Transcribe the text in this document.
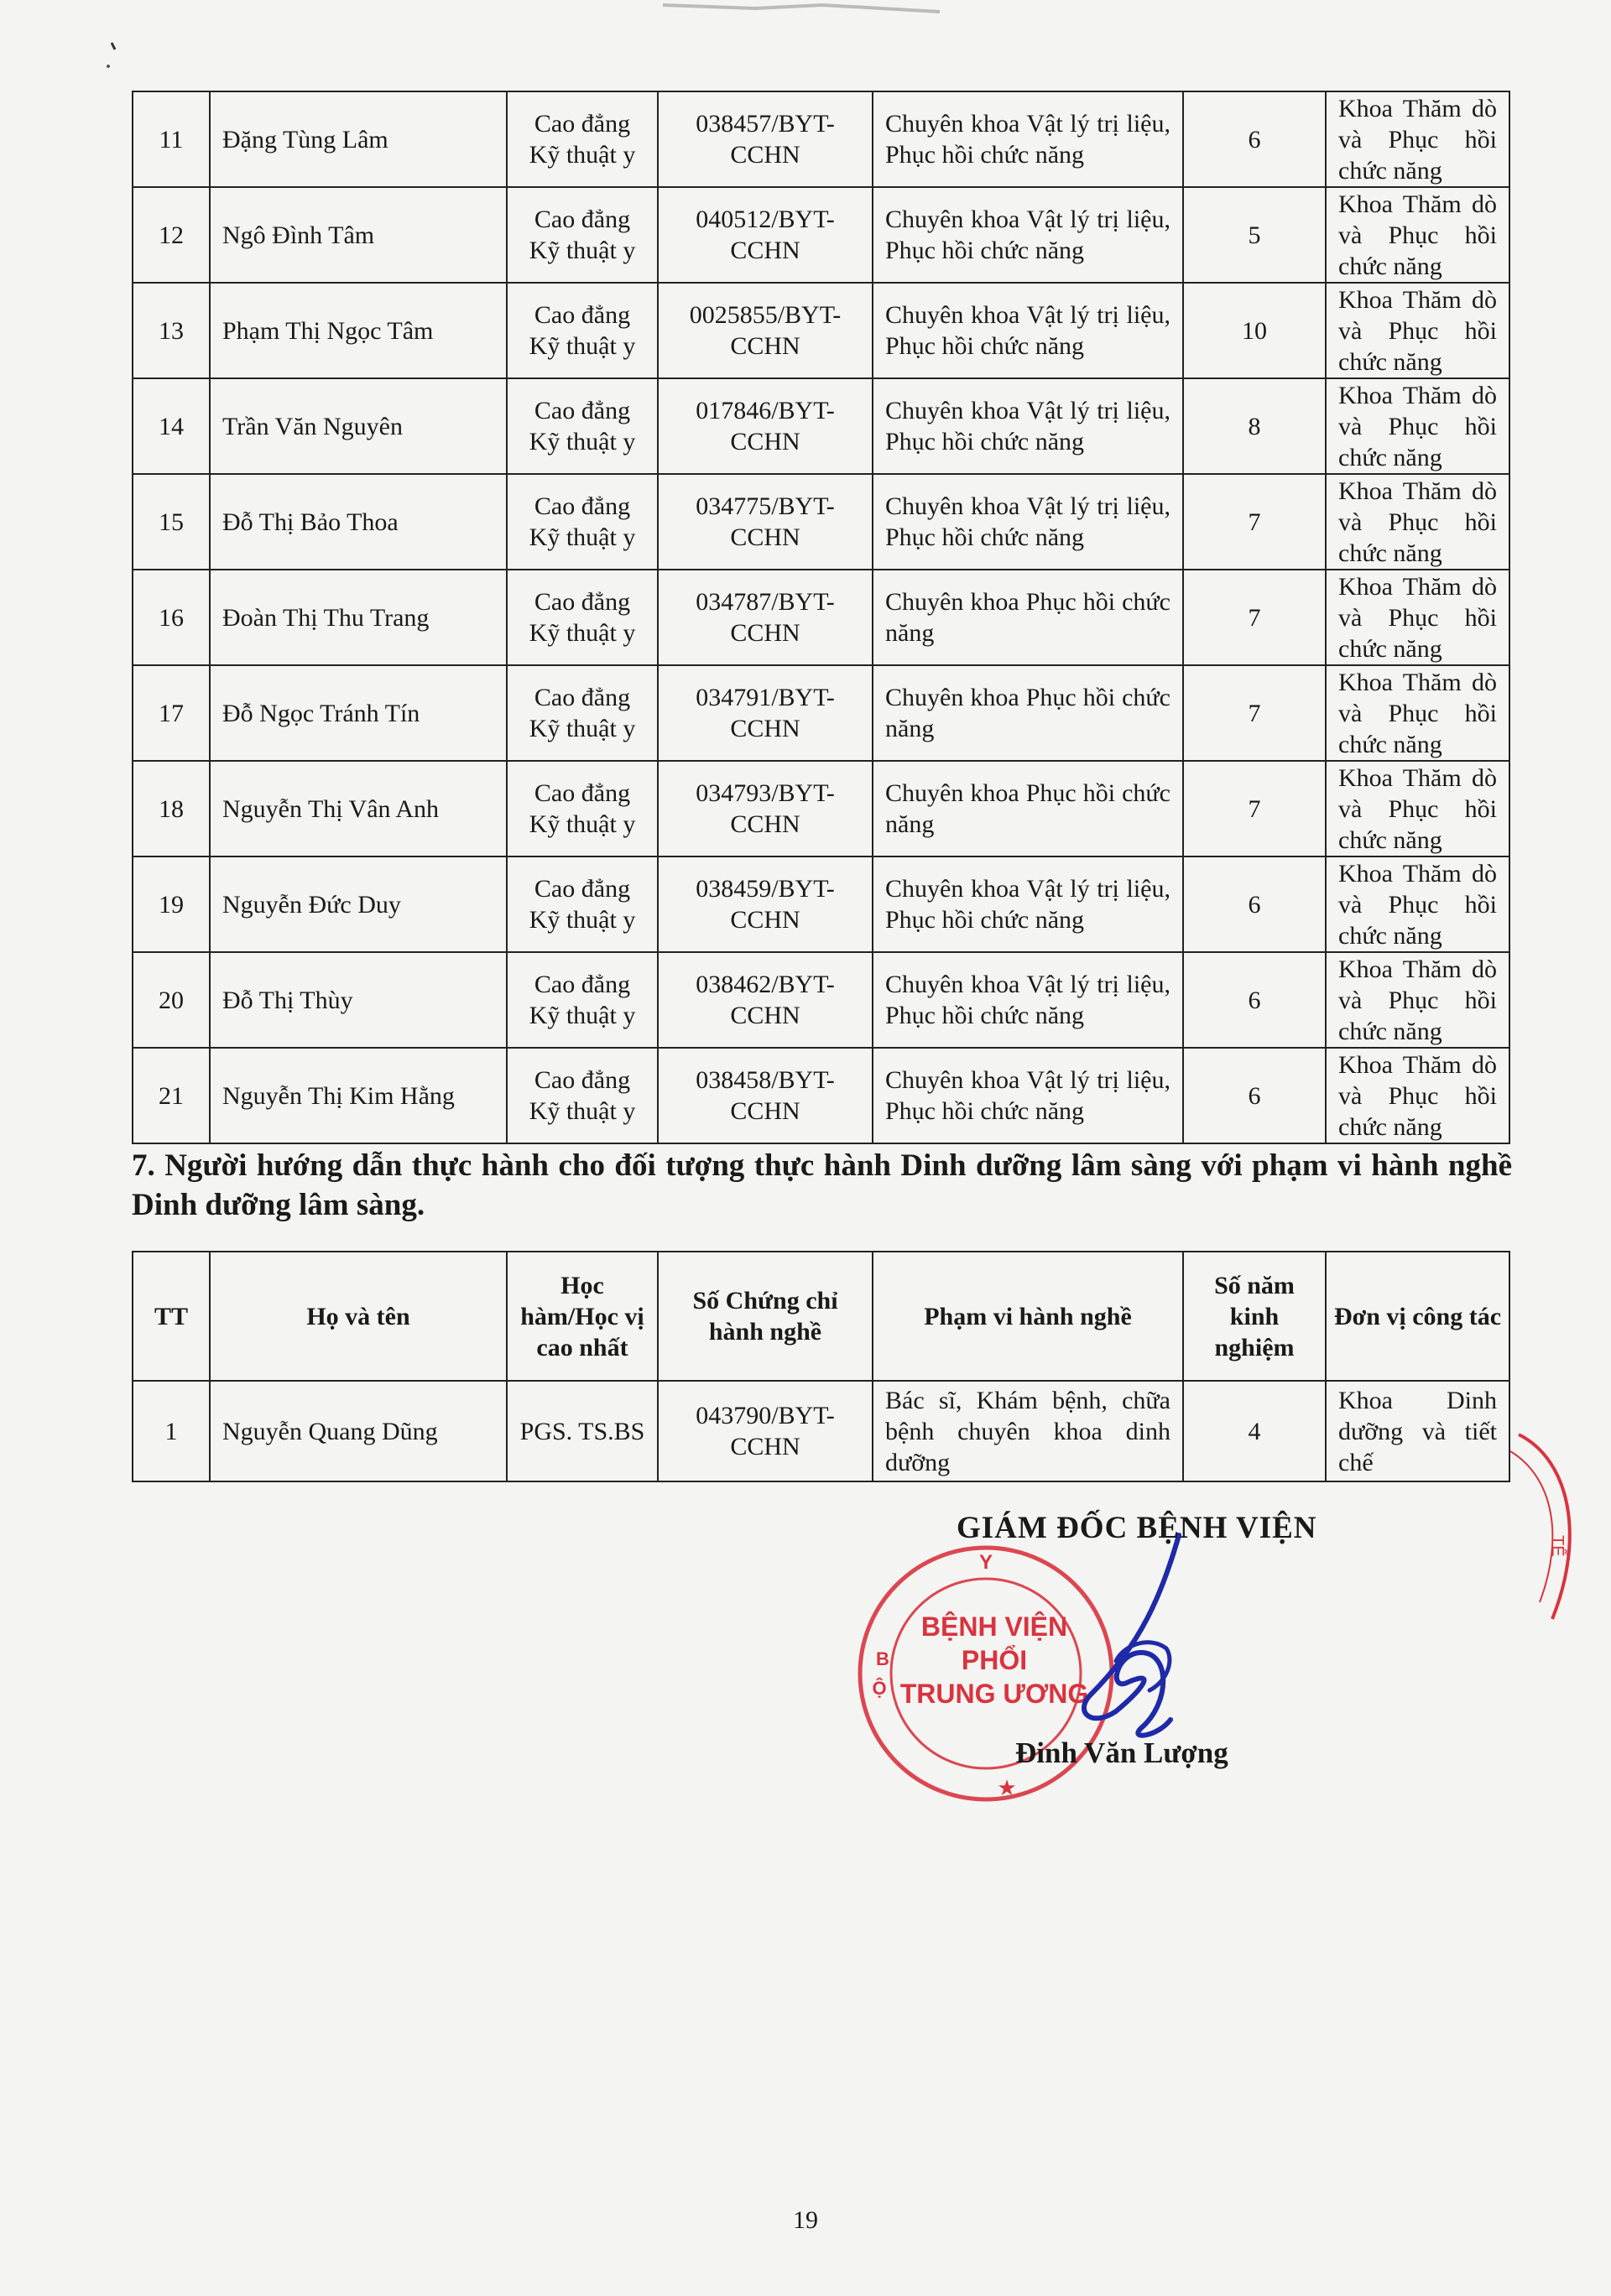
11	Đặng Tùng Lâm	Cao đẳng Kỹ thuật y	038457/BYT-CCHN	Chuyên khoa Vật lý trị liệu, Phục hồi chức năng	6	Khoa Thăm dò và Phục hồi chức năng
12	Ngô Đình Tâm	Cao đẳng Kỹ thuật y	040512/BYT-CCHN	Chuyên khoa Vật lý trị liệu, Phục hồi chức năng	5	Khoa Thăm dò và Phục hồi chức năng
13	Phạm Thị Ngọc Tâm	Cao đẳng Kỹ thuật y	0025855/BYT-CCHN	Chuyên khoa Vật lý trị liệu, Phục hồi chức năng	10	Khoa Thăm dò và Phục hồi chức năng
14	Trần Văn Nguyên	Cao đẳng Kỹ thuật y	017846/BYT-CCHN	Chuyên khoa Vật lý trị liệu, Phục hồi chức năng	8	Khoa Thăm dò và Phục hồi chức năng
15	Đỗ Thị Bảo Thoa	Cao đẳng Kỹ thuật y	034775/BYT-CCHN	Chuyên khoa Vật lý trị liệu, Phục hồi chức năng	7	Khoa Thăm dò và Phục hồi chức năng
16	Đoàn Thị Thu Trang	Cao đẳng Kỹ thuật y	034787/BYT-CCHN	Chuyên khoa Phục hồi chức năng	7	Khoa Thăm dò và Phục hồi chức năng
17	Đỗ Ngọc Tránh Tín	Cao đẳng Kỹ thuật y	034791/BYT-CCHN	Chuyên khoa Phục hồi chức năng	7	Khoa Thăm dò và Phục hồi chức năng
18	Nguyễn Thị Vân Anh	Cao đẳng Kỹ thuật y	034793/BYT-CCHN	Chuyên khoa Phục hồi chức năng	7	Khoa Thăm dò và Phục hồi chức năng
19	Nguyễn Đức Duy	Cao đẳng Kỹ thuật y	038459/BYT-CCHN	Chuyên khoa Vật lý trị liệu, Phục hồi chức năng	6	Khoa Thăm dò và Phục hồi chức năng
20	Đỗ Thị Thùy	Cao đẳng Kỹ thuật y	038462/BYT-CCHN	Chuyên khoa Vật lý trị liệu, Phục hồi chức năng	6	Khoa Thăm dò và Phục hồi chức năng
21	Nguyễn Thị Kim Hằng	Cao đẳng Kỹ thuật y	038458/BYT-CCHN	Chuyên khoa Vật lý trị liệu, Phục hồi chức năng	6	Khoa Thăm dò và Phục hồi chức năng
7. Người hướng dẫn thực hành cho đối tượng thực hành Dinh dưỡng lâm sàng với phạm vi hành nghề Dinh dưỡng lâm sàng.
TT	Họ và tên	Học hàm/Học vị cao nhất	Số Chứng chỉ hành nghề	Phạm vi hành nghề	Số năm kinh nghiệm	Đơn vị công tác
1	Nguyễn Quang Dũng	PGS. TS.BS	043790/BYT-CCHN	Bác sĩ, Khám bệnh, chữa bệnh chuyên khoa dinh dưỡng	4	Khoa Dinh dưỡng và tiết chế
Y
B
Ộ
BỆNH VIỆN
PHỔI
TRUNG ƯƠNG
★
GIÁM ĐỐC BỆNH VIỆN
Đinh Văn Lượng
TẾ
19
